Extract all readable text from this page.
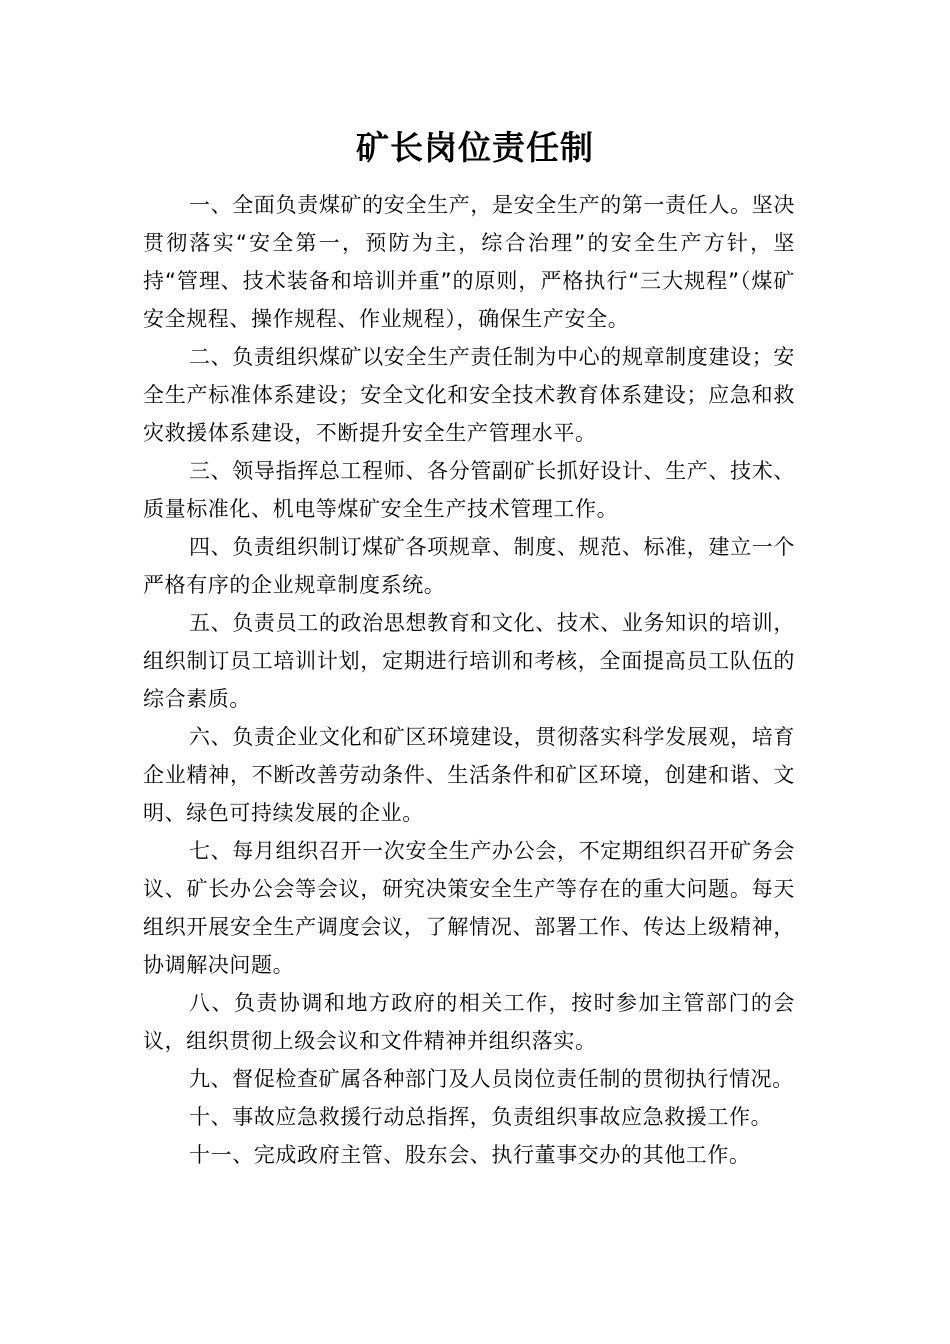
矿长岗位责任制

一、全面负责煤矿的安全生产，是安全生产的第一责任人。坚决贯彻落实“安全第一，预防为主，综合治理”的安全生产方针，坚持“管理、技术装备和培训并重”的原则，严格执行“三大规程”（煤矿安全规程、操作规程、作业规程），确保生产安全。

二、负责组织煤矿以安全生产责任制为中心的规章制度建设；安全生产标准体系建设；安全文化和安全技术教育体系建设；应急和救灾救援体系建设，不断提升安全生产管理水平。

三、领导指挥总工程师、各分管副矿长抓好设计、生产、技术、质量标准化、机电等煤矿安全生产技术管理工作。

四、负责组织制订煤矿各项规章、制度、规范、标准，建立一个严格有序的企业规章制度系统。

五、负责员工的政治思想教育和文化、技术、业务知识的培训，组织制订员工培训计划，定期进行培训和考核，全面提高员工队伍的综合素质。

六、负责企业文化和矿区环境建设，贯彻落实科学发展观，培育企业精神，不断改善劳动条件、生活条件和矿区环境，创建和谐、文明、绿色可持续发展的企业。

七、每月组织召开一次安全生产办公会，不定期组织召开矿务会议、矿长办公会等会议，研究决策安全生产等存在的重大问题。每天组织开展安全生产调度会议，了解情况、部署工作、传达上级精神，协调解决问题。

八、负责协调和地方政府的相关工作，按时参加主管部门的会议，组织贯彻上级会议和文件精神并组织落实。

九、督促检查矿属各种部门及人员岗位责任制的贯彻执行情况。

十、事故应急救援行动总指挥，负责组织事故应急救援工作。

十一、完成政府主管、股东会、执行董事交办的其他工作。
